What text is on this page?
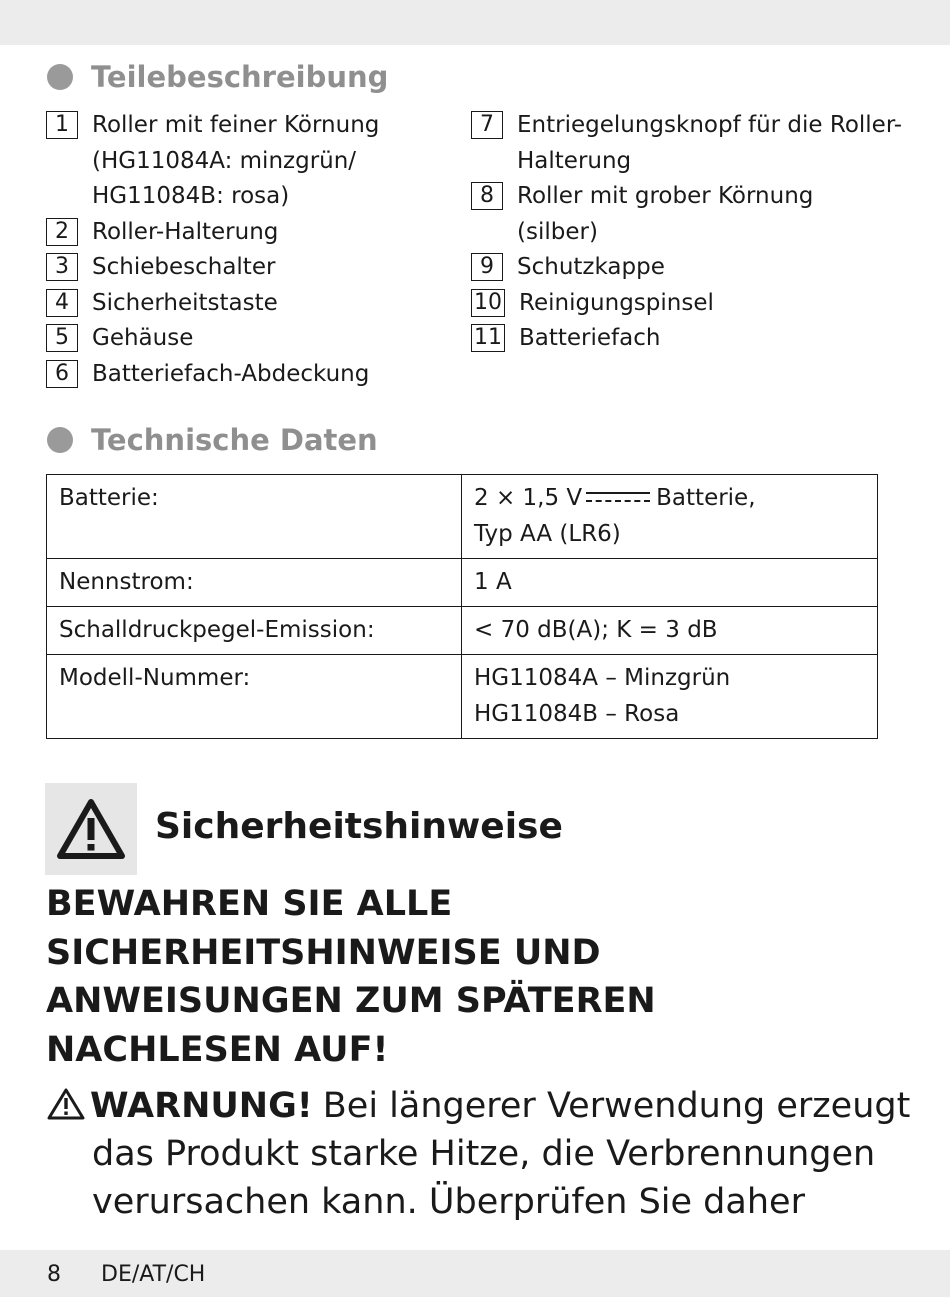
Teilebeschreibung
1	Roller mit feiner Körnung
(HG11084A: minzgrün/
HG11084B: rosa)
2	Roller-Halterung
3	Schiebeschalter
4	Sicherheitstaste
5	Gehäuse
6	Batteriefach-Abdeckung
7	Entriegelungsknopf für die Roller-
Halterung
8	Roller mit grober Körnung
(silber)
9	Schutzkappe
10 Reinigungspinsel
11 Batteriefach
Technische Daten
Batterie:	2 × 1,5 V Batterie,
Typ AA (LR6)

Nennstrom:	1 A
Schalldruckpegel-Emission:	< 70 dB(A); K = 3 dB
Modell-Nummer:	HG11084A – Minzgrün
HG11084B – Rosa
Sicherheitshinweise
BEWAHREN SIE ALLE
SICHERHEITSHINWEISE UND
ANWEISUNGEN ZUM SPÄTEREN
NACHLESEN AUF!
WARNUNG! Bei längerer Verwendung erzeugt
das Produkt starke Hitze, die Verbrennungen
verursachen kann. Überprüfen Sie daher
8 DE/AT/CH
